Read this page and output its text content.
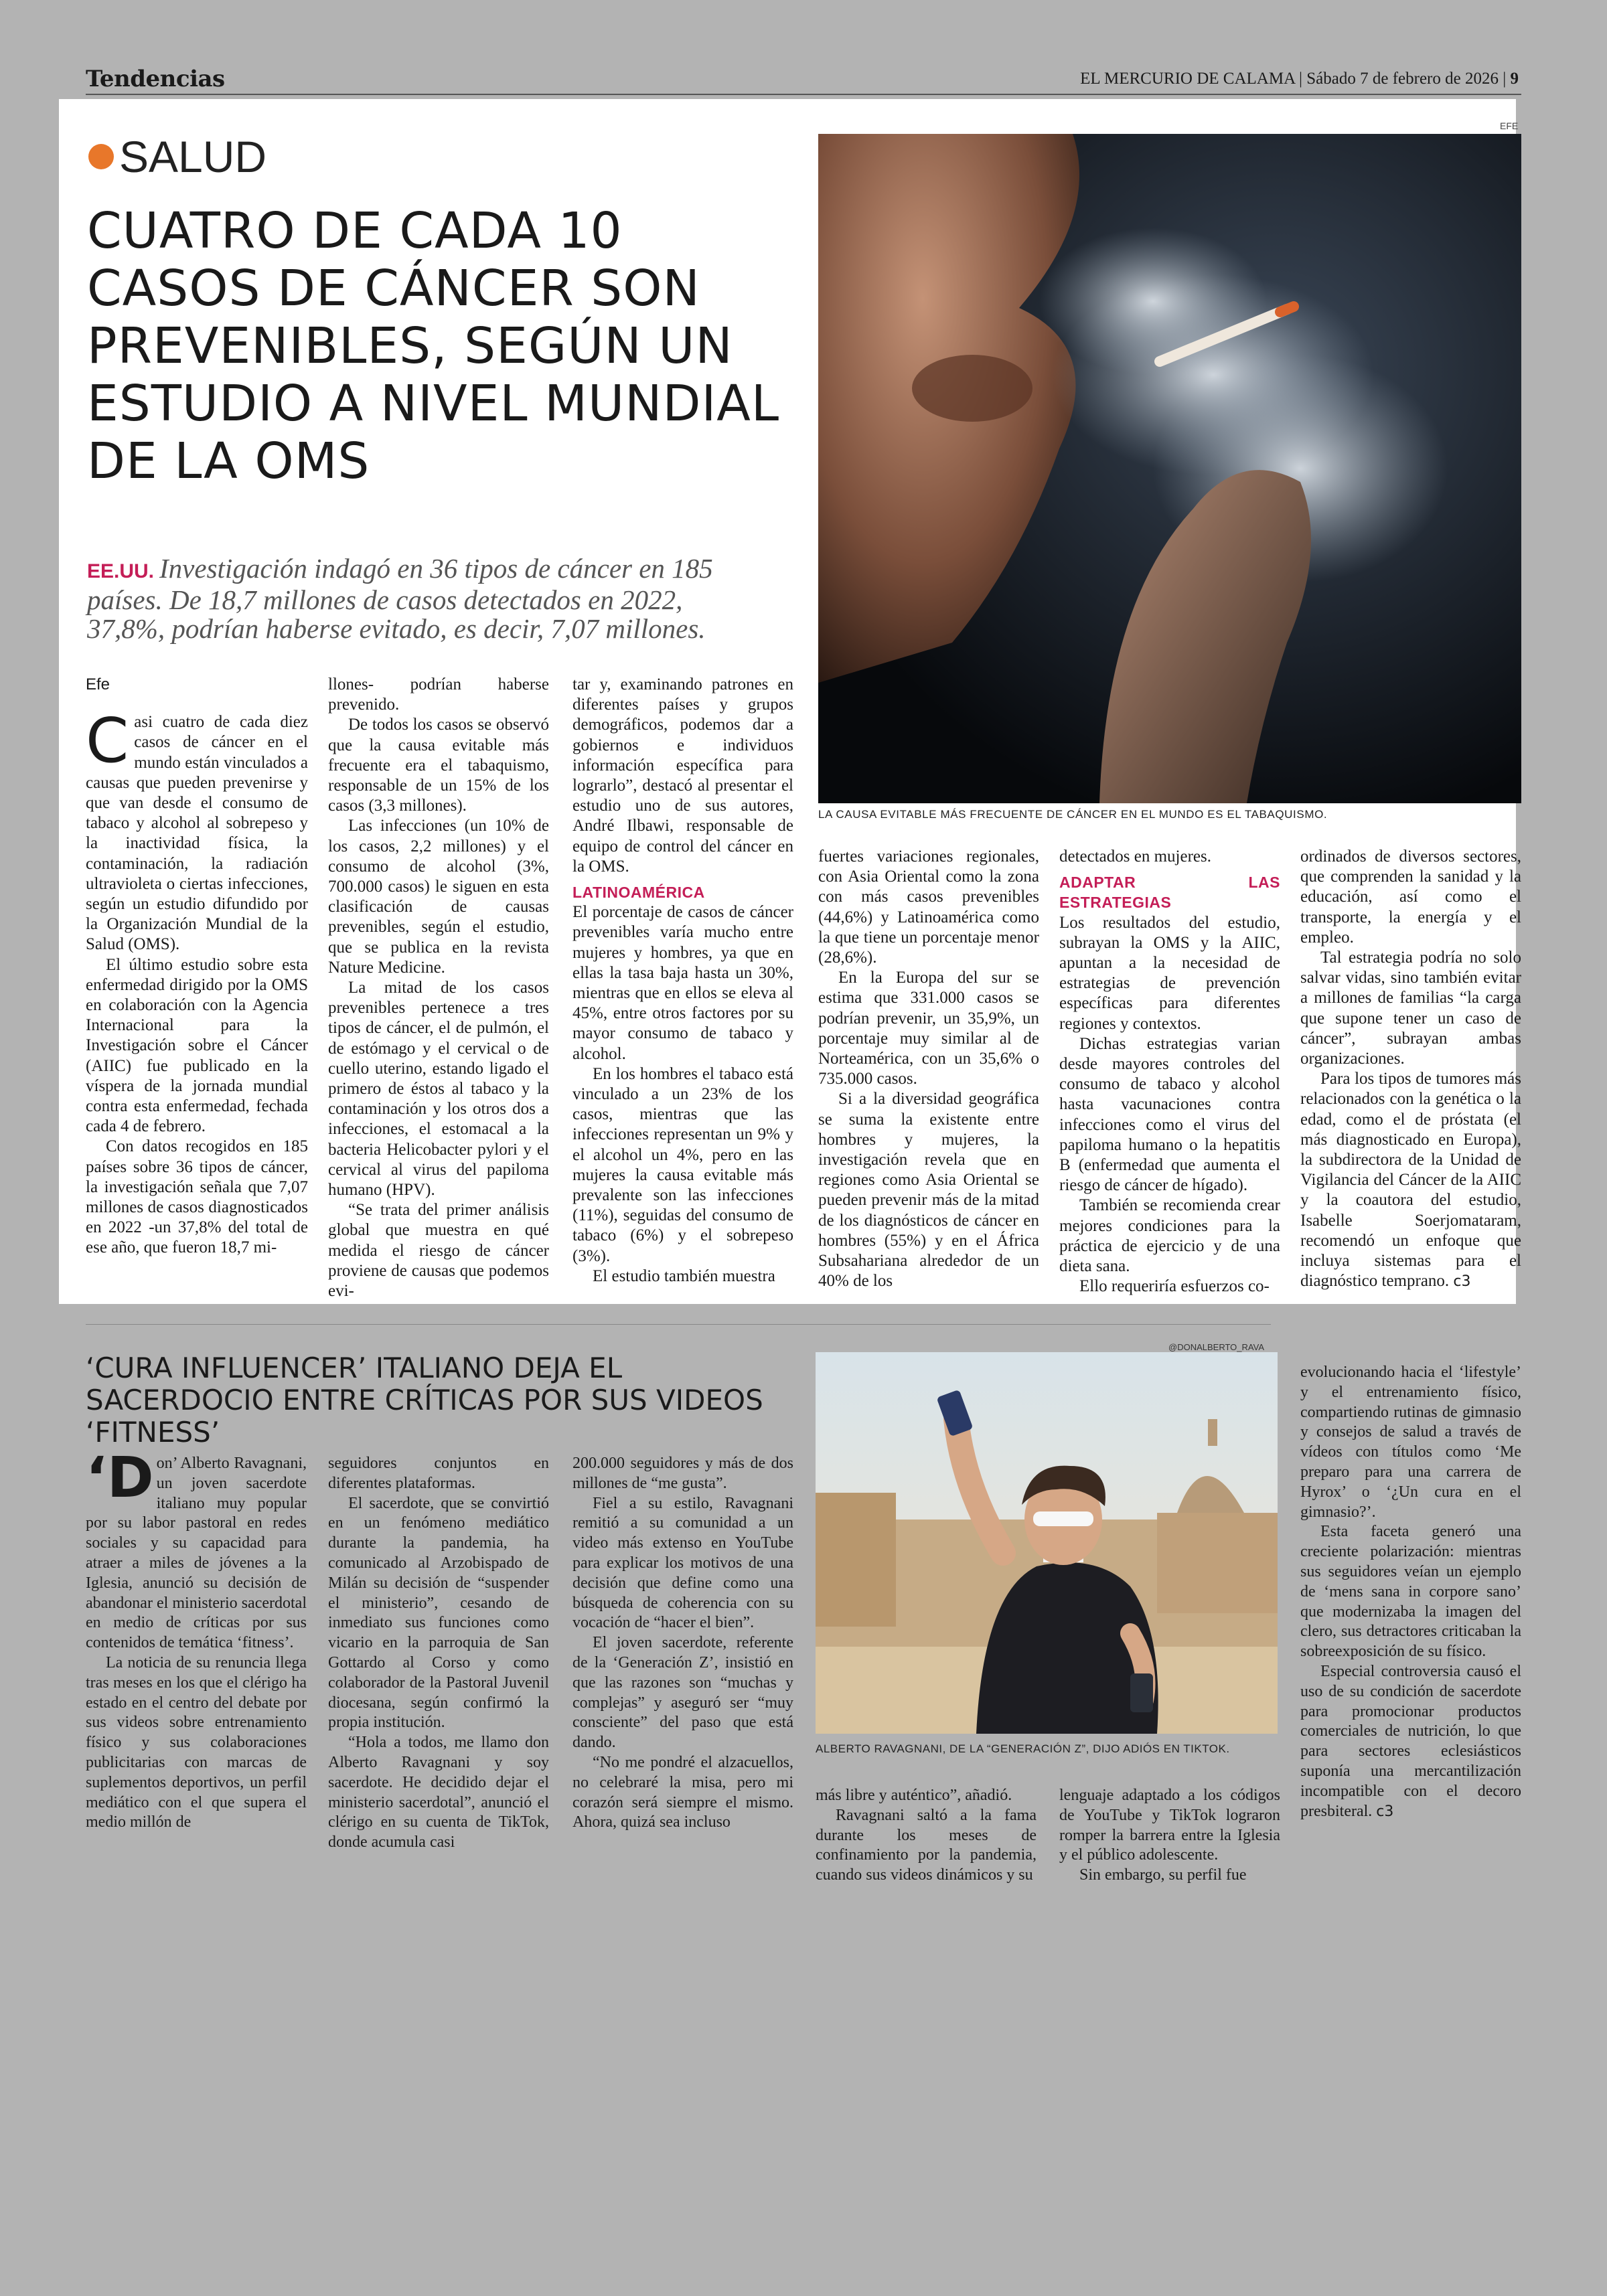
Tendencias	EL MERCURIO DE CALAMA | Sábado 7 de febrero de 2026 | 9
SALUD
CUATRO DE CADA 10 CASOS DE CÁNCER SON PREVENIBLES, SEGÚN UN ESTUDIO A NIVEL MUNDIAL DE LA OMS
EE.UU. Investigación indagó en 36 tipos de cáncer en 185 países. De 18,7 millones de casos detectados en 2022, 37,8%, podrían haberse evitado, es decir, 7,07 millones.
EFE
LA CAUSA EVITABLE MÁS FRECUENTE DE CÁNCER EN EL MUNDO ES EL TABAQUISMO.

Efe

Casi cuatro de cada diez casos de cáncer en el mundo están vinculados a causas que pueden prevenirse y que van desde el consumo de tabaco y alcohol al sobrepeso y la inactividad física, la contaminación, la radiación ultravioleta o ciertas infecciones, según un estudio difundido por la Organización Mundial de la Salud (OMS).

El último estudio sobre esta enfermedad dirigido por la OMS en colaboración con la Agencia Internacional para la Investigación sobre el Cáncer (AIIC) fue publicado en la víspera de la jornada mundial contra esta enfermedad, fechada cada 4 de febrero.

Con datos recogidos en 185 países sobre 36 tipos de cáncer, la investigación señala que 7,07 millones de casos diagnosticados en 2022 -un 37,8% del total de ese año, que fueron 18,7 mi-

llones- podrían haberse prevenido.

De todos los casos se observó que la causa evitable más frecuente era el tabaquismo, responsable de un 15% de los casos (3,3 millones).

Las infecciones (un 10% de los casos, 2,2 millones) y el consumo de alcohol (3%, 700.000 casos) le siguen en esta clasificación de causas prevenibles, según el estudio, que se publica en la revista Nature Medicine.

La mitad de los casos prevenibles pertenece a tres tipos de cáncer, el de pulmón, el de estómago y el cervical o de cuello uterino, estando ligado el primero de éstos al tabaco y la contaminación y los otros dos a infecciones, el estomacal a la bacteria Helicobacter pylori y el cervical al virus del papiloma humano (HPV).

“Se trata del primer análisis global que muestra en qué medida el riesgo de cáncer proviene de causas que podemos evi-

tar y, examinando patrones en diferentes países y grupos demográficos, podemos dar a gobiernos e individuos información específica para lograrlo”, destacó al presentar el estudio uno de sus autores, André Ilbawi, responsable de equipo de control del cáncer en la OMS.

LATINOAMÉRICA

El porcentaje de casos de cáncer prevenibles varía mucho entre mujeres y hombres, ya que en ellas la tasa baja hasta un 30%, mientras que en ellos se eleva al 45%, entre otros factores por su mayor consumo de tabaco y alcohol.

En los hombres el tabaco está vinculado a un 23% de los casos, mientras que las infecciones representan un 9% y el alcohol un 4%, pero en las mujeres la causa evitable más prevalente son las infecciones (11%), seguidas del consumo de tabaco (6%) y el sobrepeso (3%).

El estudio también muestra

fuertes variaciones regionales, con Asia Oriental como la zona con más casos prevenibles (44,6%) y Latinoamérica como la que tiene un porcentaje menor (28,6%).

En la Europa del sur se estima que 331.000 casos se podrían prevenir, un 35,9%, un porcentaje muy similar al de Norteamérica, con un 35,6% o 735.000 casos.

Si a la diversidad geográfica se suma la existente entre hombres y mujeres, la investigación revela que en regiones como Asia Oriental se pueden prevenir más de la mitad de los diagnósticos de cáncer en hombres (55%) y en el África Subsahariana alrededor de un 40% de los

detectados en mujeres.

ADAPTAR LAS ESTRATEGIAS

Los resultados del estudio, subrayan la OMS y la AIIC, apuntan a la necesidad de estrategias de prevención específicas para diferentes regiones y contextos.

Dichas estrategias varian desde mayores controles del consumo de tabaco y alcohol hasta vacunaciones contra infecciones como el virus del papiloma humano o la hepatitis B (enfermedad que aumenta el riesgo de cáncer de hígado).

También se recomienda crear mejores condiciones para la práctica de ejercicio y de una dieta sana.

Ello requeriría esfuerzos co-

ordinados de diversos sectores, que comprenden la sanidad y la educación, así como el transporte, la energía y el empleo.

Tal estrategia podría no solo salvar vidas, sino también evitar a millones de familias “la carga que supone tener un caso de cáncer”, subrayan ambas organizaciones.

Para los tipos de tumores más relacionados con la genética o la edad, como el de próstata (el más diagnosticado en Europa), la subdirectora de la Unidad de Vigilancia del Cáncer de la AIIC y la coautora del estudio, Isabelle Soerjomataram, recomendó un enfoque que incluya sistemas para el diagnóstico temprano. c3

‘CURA INFLUENCER’ ITALIANO DEJA EL SACERDOCIO ENTRE CRÍTICAS POR SUS VIDEOS ‘FITNESS’
@DONALBERTO_RAVA
ALBERTO RAVAGNANI, DE LA “GENERACIÓN Z”, DIJO ADIÓS EN TIKTOK.

‘Don’ Alberto Ravagnani, un joven sacerdote italiano muy popular por su labor pastoral en redes sociales y su capacidad para atraer a miles de jóvenes a la Iglesia, anunció su decisión de abandonar el ministerio sacerdotal en medio de críticas por sus contenidos de temática ‘fitness’.

La noticia de su renuncia llega tras meses en los que el clérigo ha estado en el centro del debate por sus videos sobre entrenamiento físico y sus colaboraciones publicitarias con marcas de suplementos deportivos, un perfil mediático con el que supera el medio millón de

seguidores conjuntos en diferentes plataformas.

El sacerdote, que se convirtió en un fenómeno mediático durante la pandemia, ha comunicado al Arzobispado de Milán su decisión de “suspender el ministerio”, cesando de inmediato sus funciones como vicario en la parroquia de San Gottardo al Corso y como colaborador de la Pastoral Juvenil diocesana, según confirmó la propia institución.

“Hola a todos, me llamo don Alberto Ravagnani y soy sacerdote. He decidido dejar el ministerio sacerdotal”, anunció el clérigo en su cuenta de TikTok, donde acumula casi

200.000 seguidores y más de dos millones de “me gusta”.

Fiel a su estilo, Ravagnani remitió a su comunidad a un video más extenso en YouTube para explicar los motivos de una decisión que define como una búsqueda de coherencia con su vocación de “hacer el bien”.

El joven sacerdote, referente de la ‘Generación Z’, insistió en que las razones son “muchas y complejas” y aseguró ser “muy consciente” del paso que está dando.

“No me pondré el alzacuellos, no celebraré la misa, pero mi corazón será siempre el mismo. Ahora, quizá sea incluso

más libre y auténtico”, añadió.

Ravagnani saltó a la fama durante los meses de confinamiento por la pandemia, cuando sus videos dinámicos y su

lenguaje adaptado a los códigos de YouTube y TikTok lograron romper la barrera entre la Iglesia y el público adolescente.

Sin embargo, su perfil fue

evolucionando hacia el ‘lifestyle’ y el entrenamiento físico, compartiendo rutinas de gimnasio y consejos de salud a través de vídeos con títulos como ‘Me preparo para una carrera de Hyrox’ o ‘¿Un cura en el gimnasio?’.

Esta faceta generó una creciente polarización: mientras sus seguidores veían un ejemplo de ‘mens sana in corpore sano’ que modernizaba la imagen del clero, sus detractores criticaban la sobreexposición de su físico.

Especial controversia causó el uso de su condición de sacerdote para promocionar productos comerciales de nutrición, lo que para sectores eclesiásticos suponía una mercantilización incompatible con el decoro presbiteral. c3
